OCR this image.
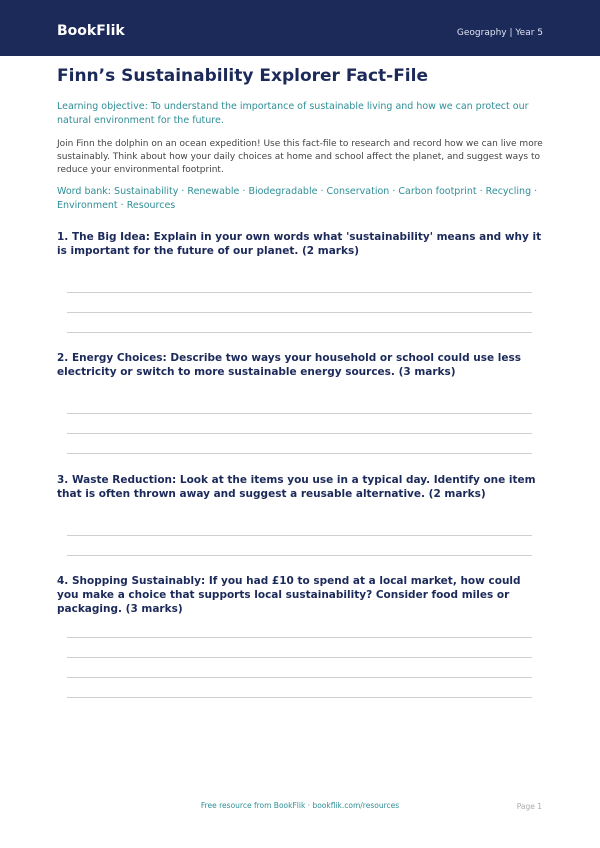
BookFlik	Geography | Year 5
Finn’s Sustainability Explorer Fact-File

Learning objective: To understand the importance of sustainable living and how we can protect our natural environment for the future.

Join Finn the dolphin on an ocean expedition! Use this fact-file to research and record how we can live more sustainably. Think about how your daily choices at home and school affect the planet, and suggest ways to reduce your environmental footprint.

Word bank: Sustainability · Renewable · Biodegradable · Conservation · Carbon footprint · Recycling · Environment · Resources

1. The Big Idea: Explain in your own words what 'sustainability' means and why it is important for the future of our planet. (2 marks)

2. Energy Choices: Describe two ways your household or school could use less electricity or switch to more sustainable energy sources. (3 marks)

3. Waste Reduction: Look at the items you use in a typical day. Identify one item that is often thrown away and suggest a reusable alternative. (2 marks)

4. Shopping Sustainably: If you had £10 to spend at a local market, how could you make a choice that supports local sustainability? Consider food miles or packaging. (3 marks)

Free resource from BookFlik · bookflik.com/resources	Page 1
